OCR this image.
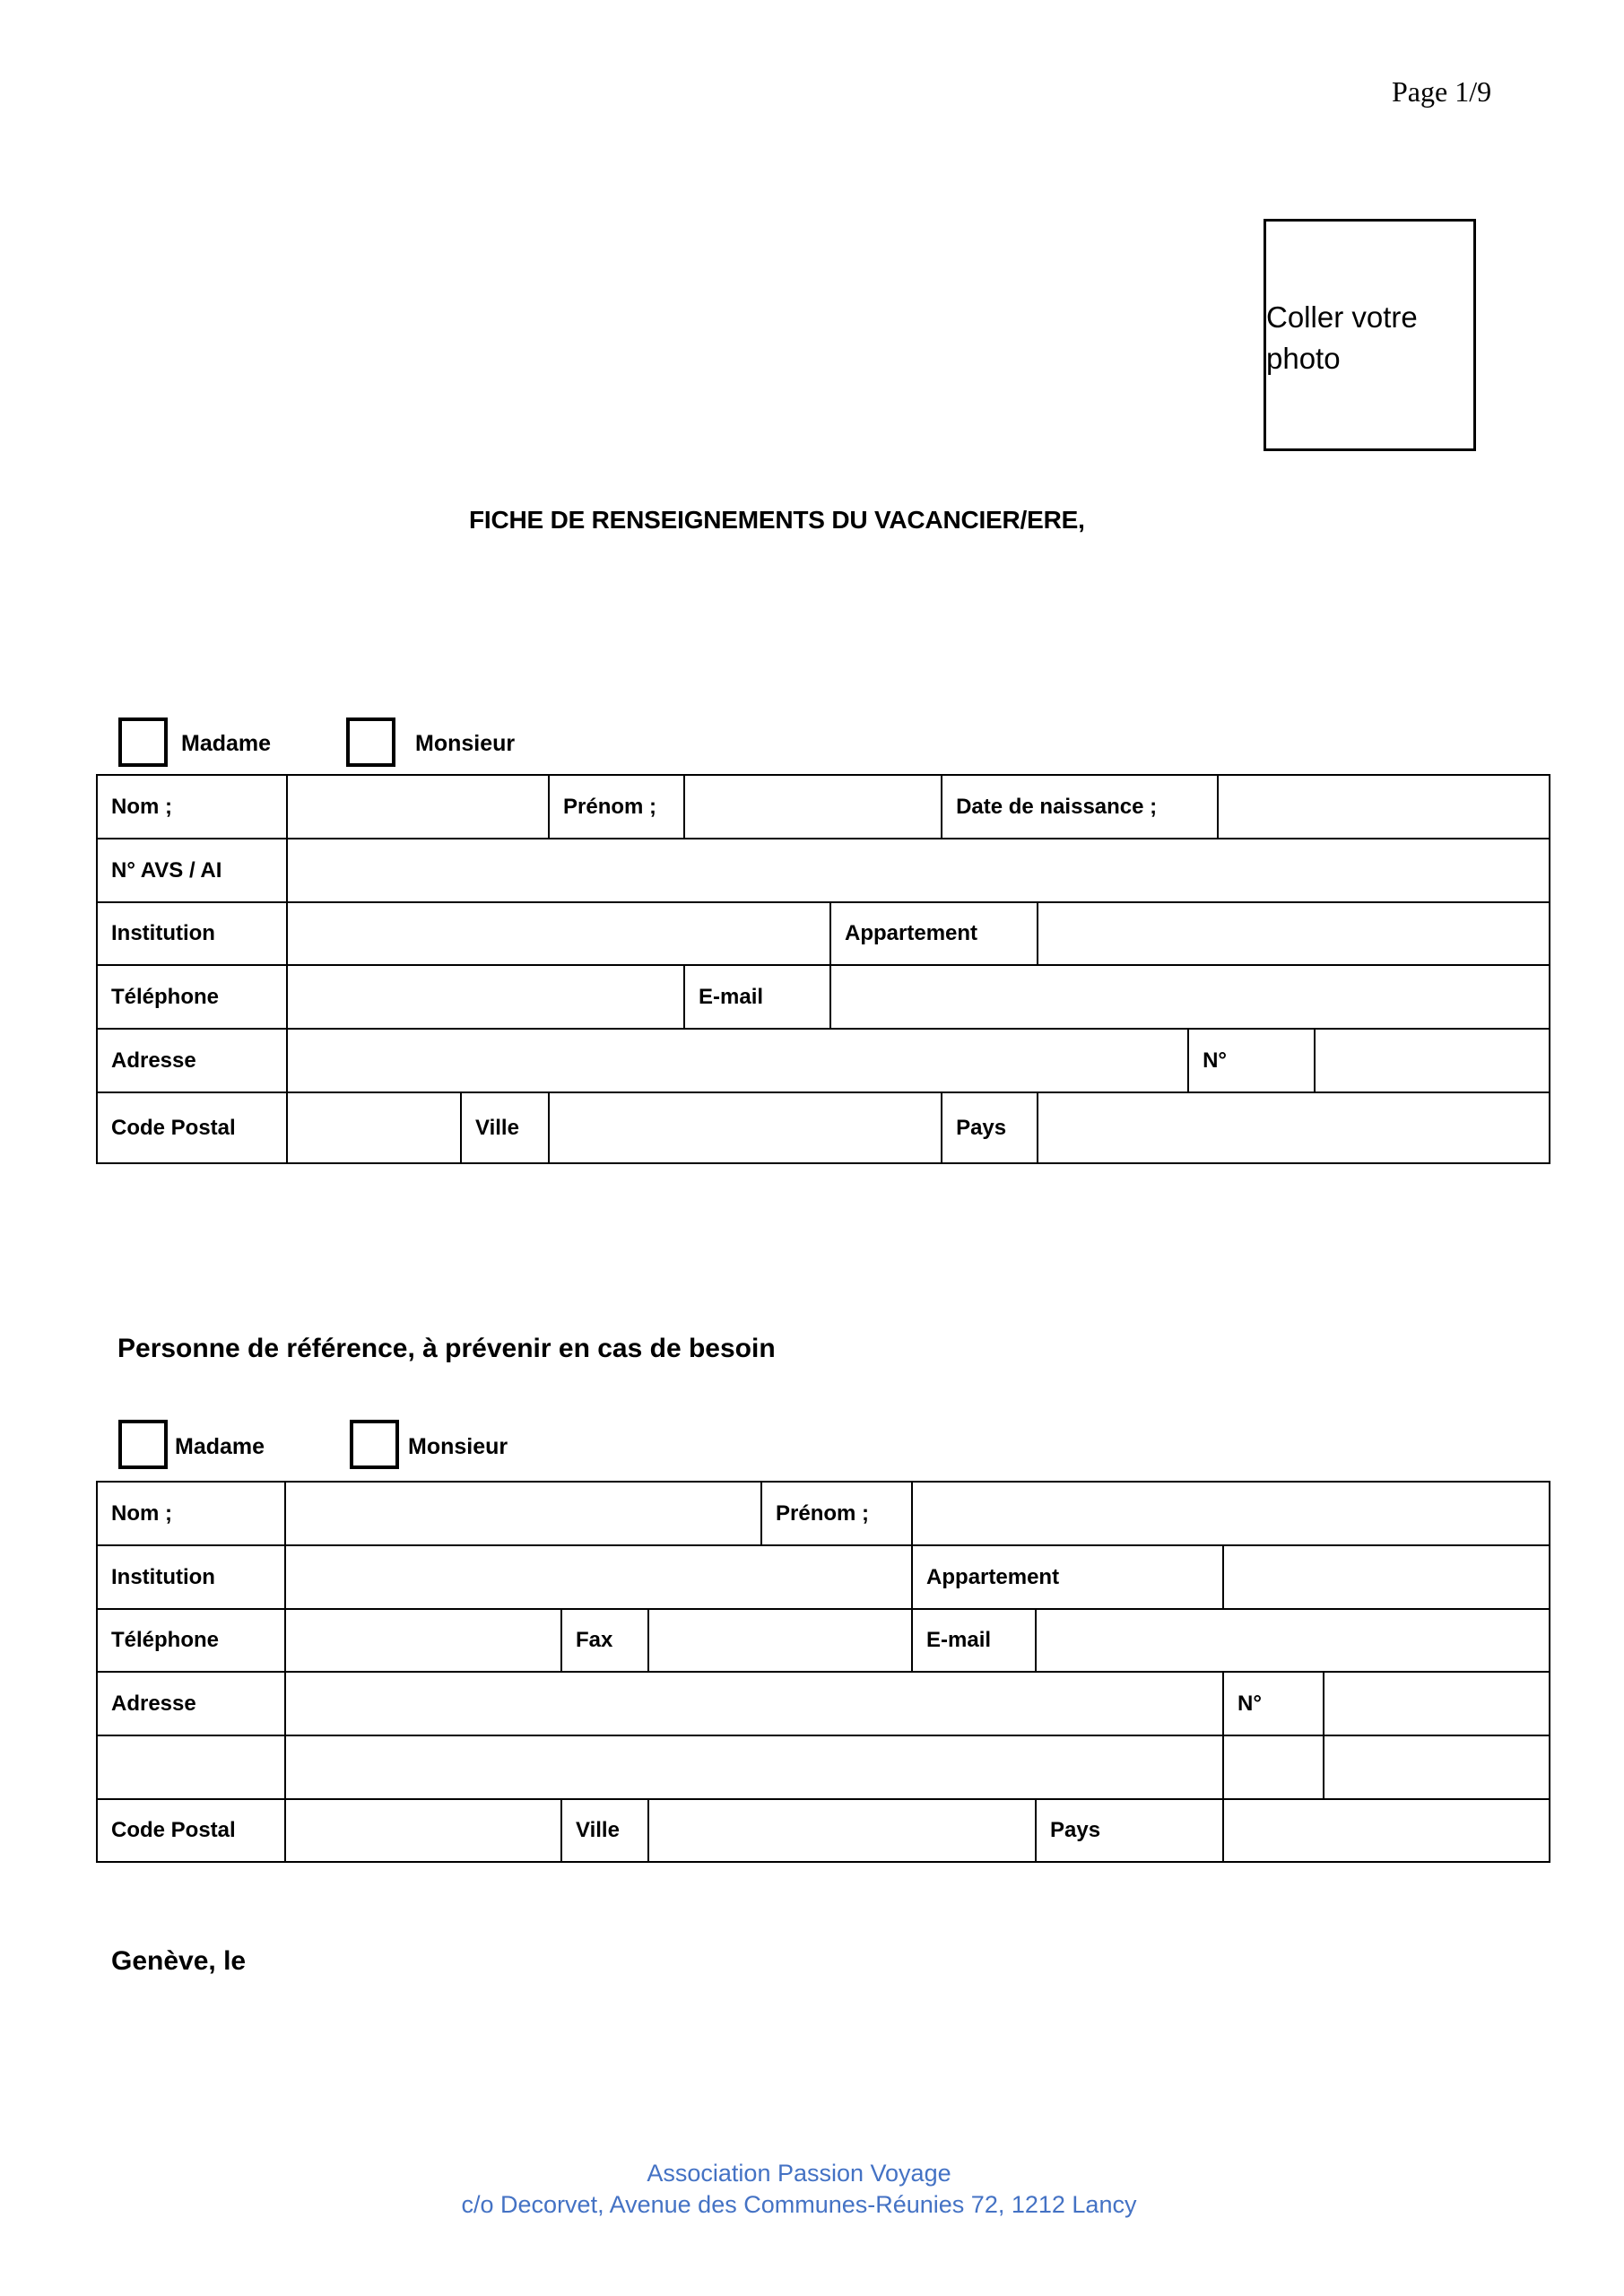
Page 1/9
Coller votre photo
FICHE DE RENSEIGNEMENTS DU VACANCIER/ERE,
Madame	Monsieur
Nom ;			Prénom ;			Date de naissance ;				
N° AVS / AI										
Institution					Appartement					
Téléphone				E-mail						
Adresse								N°		
Code Postal		Ville				Pays				
Personne de référence, à prévenir en cas de besoin
Madame	Monsieur
Nom ;				Prénom ;				
Institution					Appartement			
Téléphone		Fax			E-mail			
Adresse							N°	

Code Postal		Ville				Pays		
Genève, le
Association Passion Voyage
c/o Decorvet, Avenue des Communes-Réunies 72, 1212 Lancy
